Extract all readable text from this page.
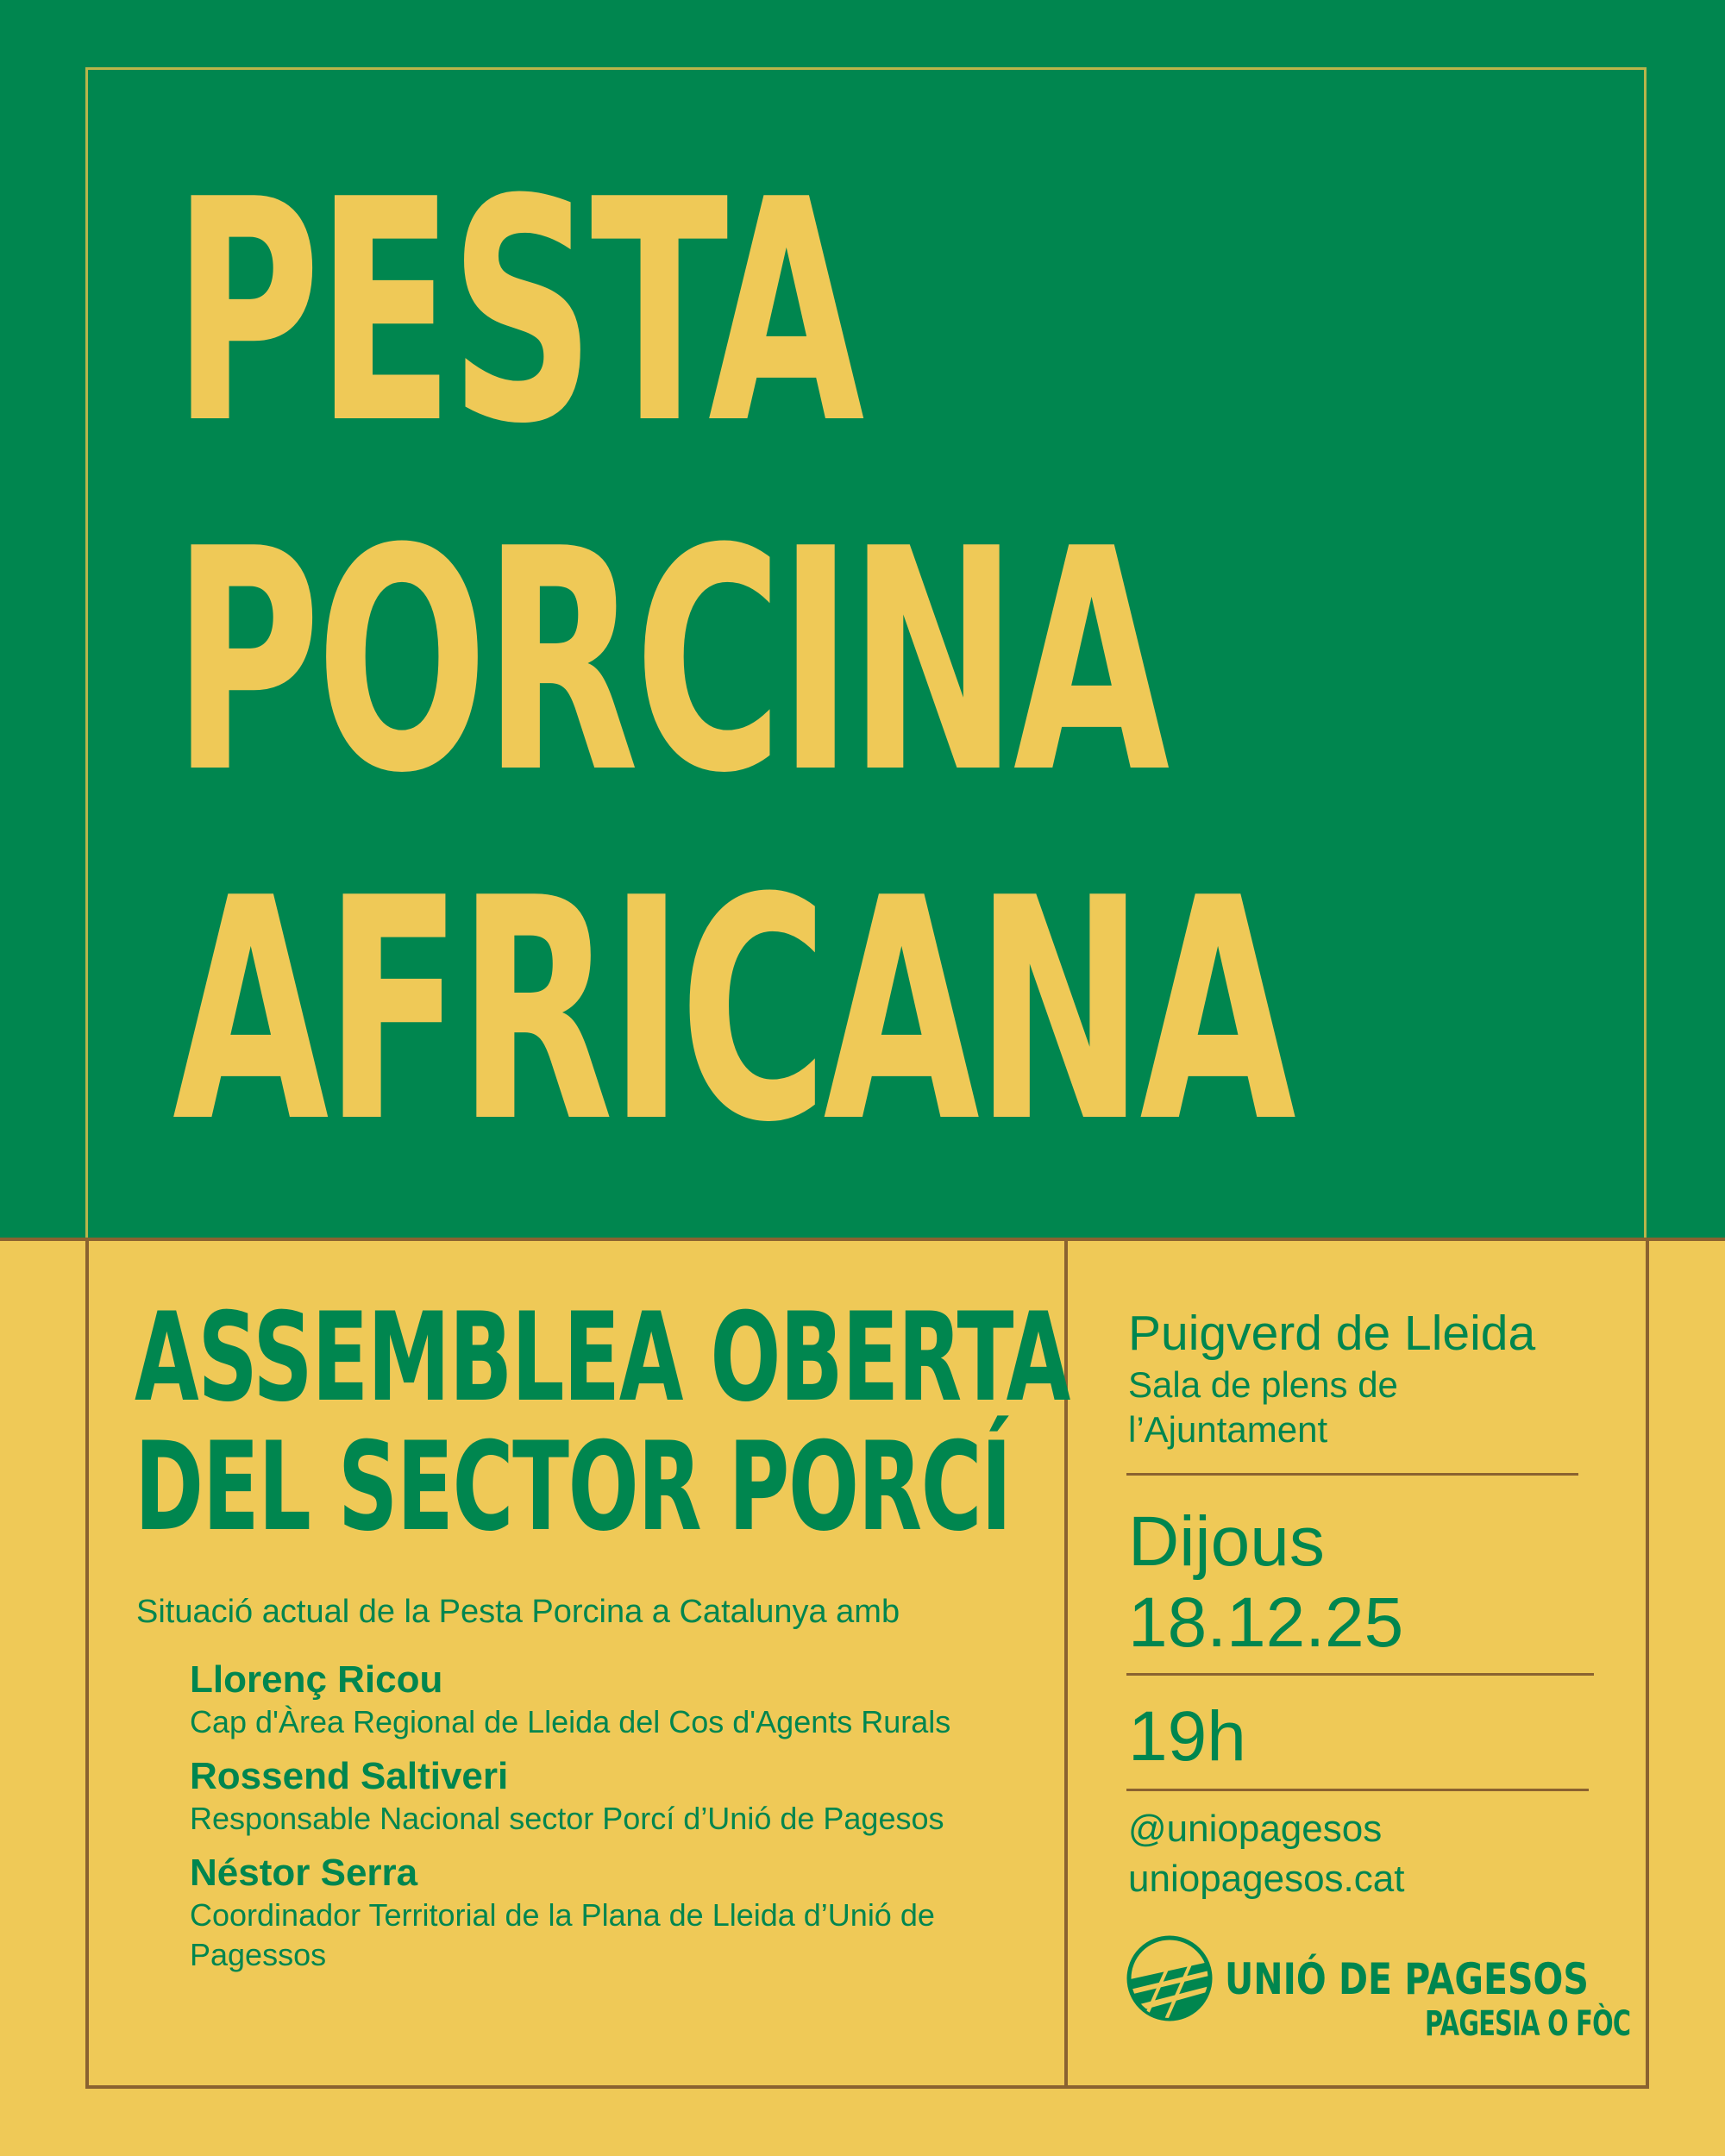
PESTA
PORCINA
AFRICANA
ASSEMBLEA OBERTA
DEL SECTOR PORCÍ
Situació actual de la Pesta Porcina a Catalunya amb
Llorenç Ricou
Cap d'Àrea Regional de Lleida del Cos d'Agents Rurals
Rossend Saltiveri
Responsable Nacional sector Porcí d’Unió de Pagesos
Néstor Serra
Coordinador Territorial de la Plana de Lleida d’Unió de Pagessos
Puigverd de Lleida
Sala de plens de
l’Ajuntament
Dijous
18.12.25
19h
@uniopagesos
uniopagesos.cat
UNIÓ DE PAGESOS
PAGESIA O FÒC
